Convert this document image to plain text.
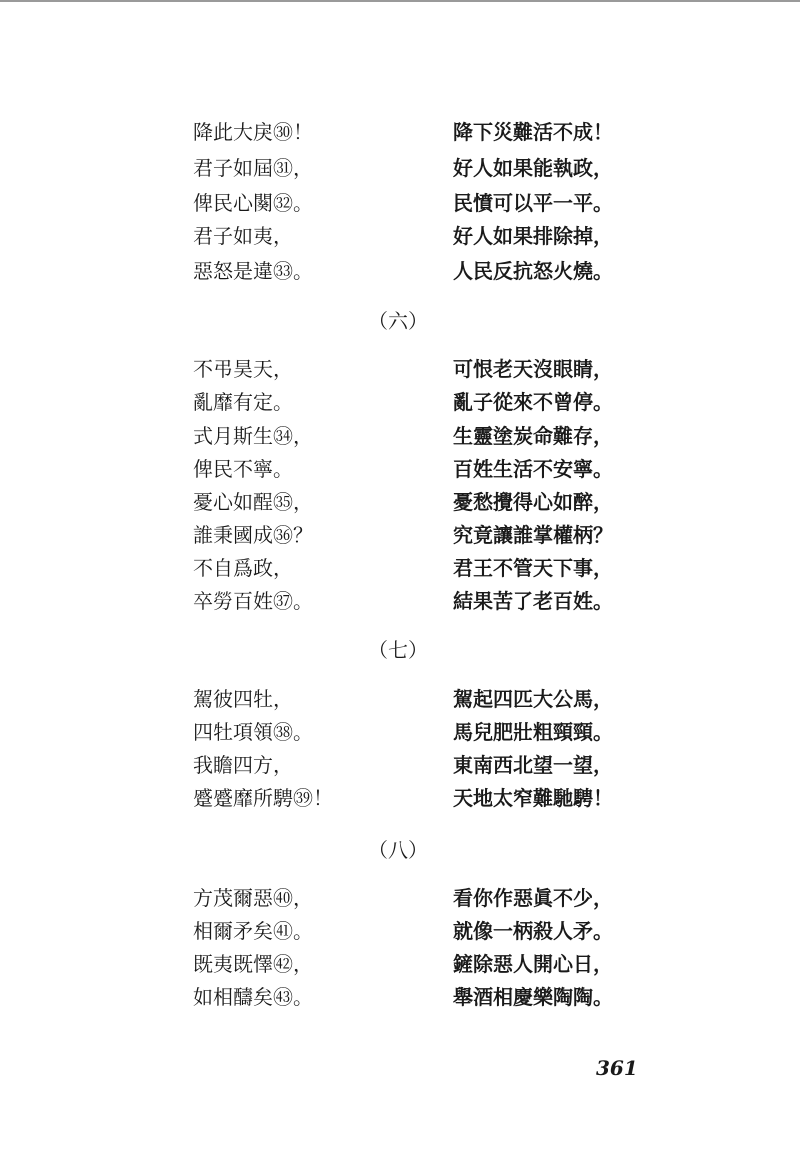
降此大戾㉚！	降下災難活不成！
君子如屆㉛，	好人如果能執政，
俾民心闋㉜。	民憤可以平一平。
君子如夷，	好人如果排除掉，
惡怒是違㉝。	人民反抗怒火燒。
（六）
不弔昊天，	可恨老天沒眼睛，
亂靡有定。	亂子從來不曾停。
式月斯生㉞，	生靈塗炭命難存，
俾民不寧。	百姓生活不安寧。
憂心如酲㉟，	憂愁攪得心如醉，
誰秉國成㊱？	究竟讓誰掌權柄？
不自爲政，	君王不管天下事，
卒勞百姓㊲。	結果苦了老百姓。
（七）
駕彼四牡，	駕起四匹大公馬，
四牡項領㊳。	馬兒肥壯粗頸頸。
我瞻四方，	東南西北望一望，
蹙蹙靡所騁㊴！	天地太窄難馳騁！
（八）
方茂爾惡㊵，	看你作惡眞不少，
相爾矛矣㊶。	就像一柄殺人矛。
既夷既懌㊷，	鏟除惡人開心日，
如相醻矣㊸。	舉酒相慶樂陶陶。
361
